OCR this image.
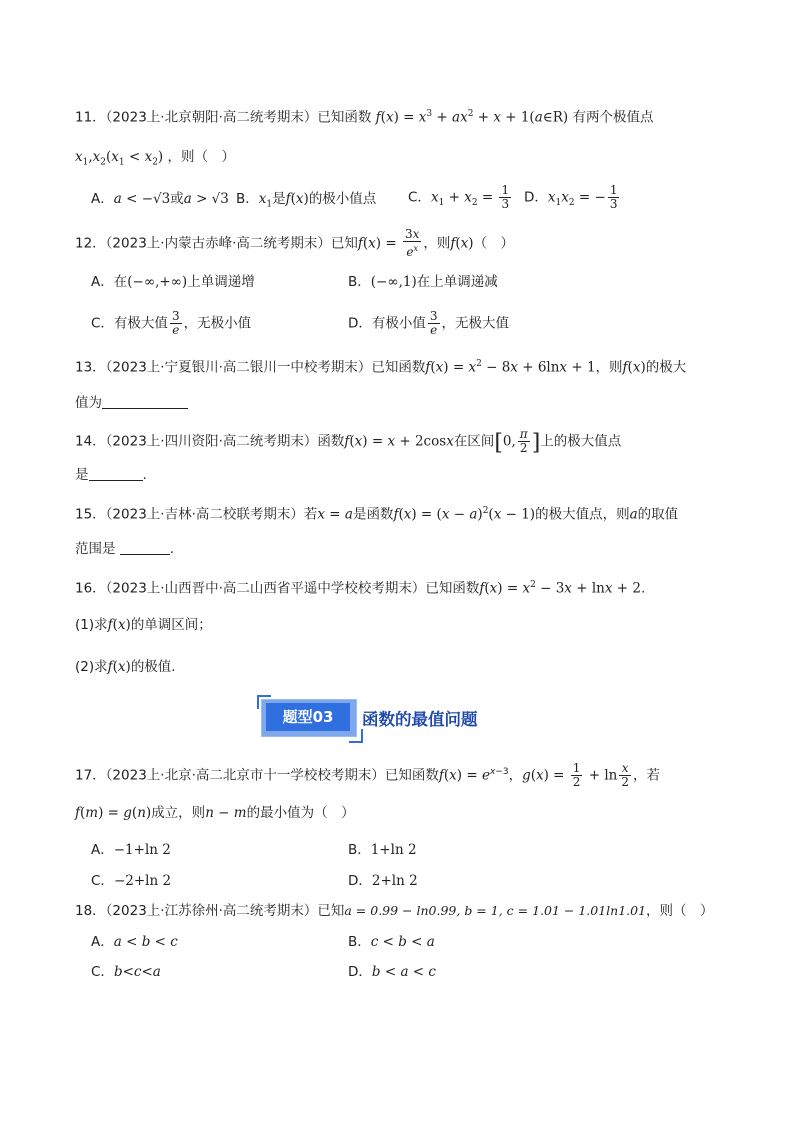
11．（2023上·北京朝阳·高二统考期末）已知函数 $f(x) = x^3 + ax^2 + x$ + 1(a∈R) 有两个极值点
$x_1,x_2(x_1 < x_2)$ ，则（　）
A．a < −√3或a > √3 B．$x_1$是f(x)的极小值点 C．$x_1 + x_2 = \frac{1}{3}$ D．$x_1x_2$ = − $\frac{1}{3}$
12．（2023上·内蒙古赤峰·高二统考期末）已知$f(x) = \frac{3x}{e^x}$ ，则f(x)（　）
A．在(−∞,+∞)上单调递增	B．(−∞,1)在上单调递减
C．有极大值 $\frac{3}{e}$ ，无极小值	D．有极小值 $\frac{3}{e}$ ，无极大值
13．（2023上·宁夏银川·高二银川一中校考期末）已知函数$f(x) = x^2 - 8x + 6\ln x + 1$，则f(x)的极大
值为
14．（2023上·四川资阳·高二统考期末）函数f(x) = x + 2cosx在区间[0, $\frac{\pi}{2}$ ]上的极大值点
是	.
15．（2023上·吉林·高二校联考期末）若x = a是函数$f(x) = (x - a)^2(x - 1)$的极大值点，则a的取值
范围是	.
16．（2023上·山西晋中·高二山西省平遥中学校校考期末）已知函数$f(x) = x^2 - 3x + \ln x + 2$.
(1)求f(x)的单调区间；
(2)求f(x)的极值.
题型03	函数的最值问题
17．（2023上·北京·高二北京市十一学校校考期末）已知函数$f(x) = e^{x-3}$，$g(x) = \frac{1}{2} + \ln \frac{x}{2}$ ，若
f(m) = g(n)成立，则n − m的最小值为（　）
A．−1+ln 2	B．1+ln 2
C．−2+ln 2	D．2+ln 2
18．（2023上·江苏徐州·高二统考期末）已知a = 0.99 − ln0.99, b = 1, c = 1.01 − 1.01ln1.01，则（　）
A．a < b < c	B．c < b < a
C．b<c<a	D．b < a < c
